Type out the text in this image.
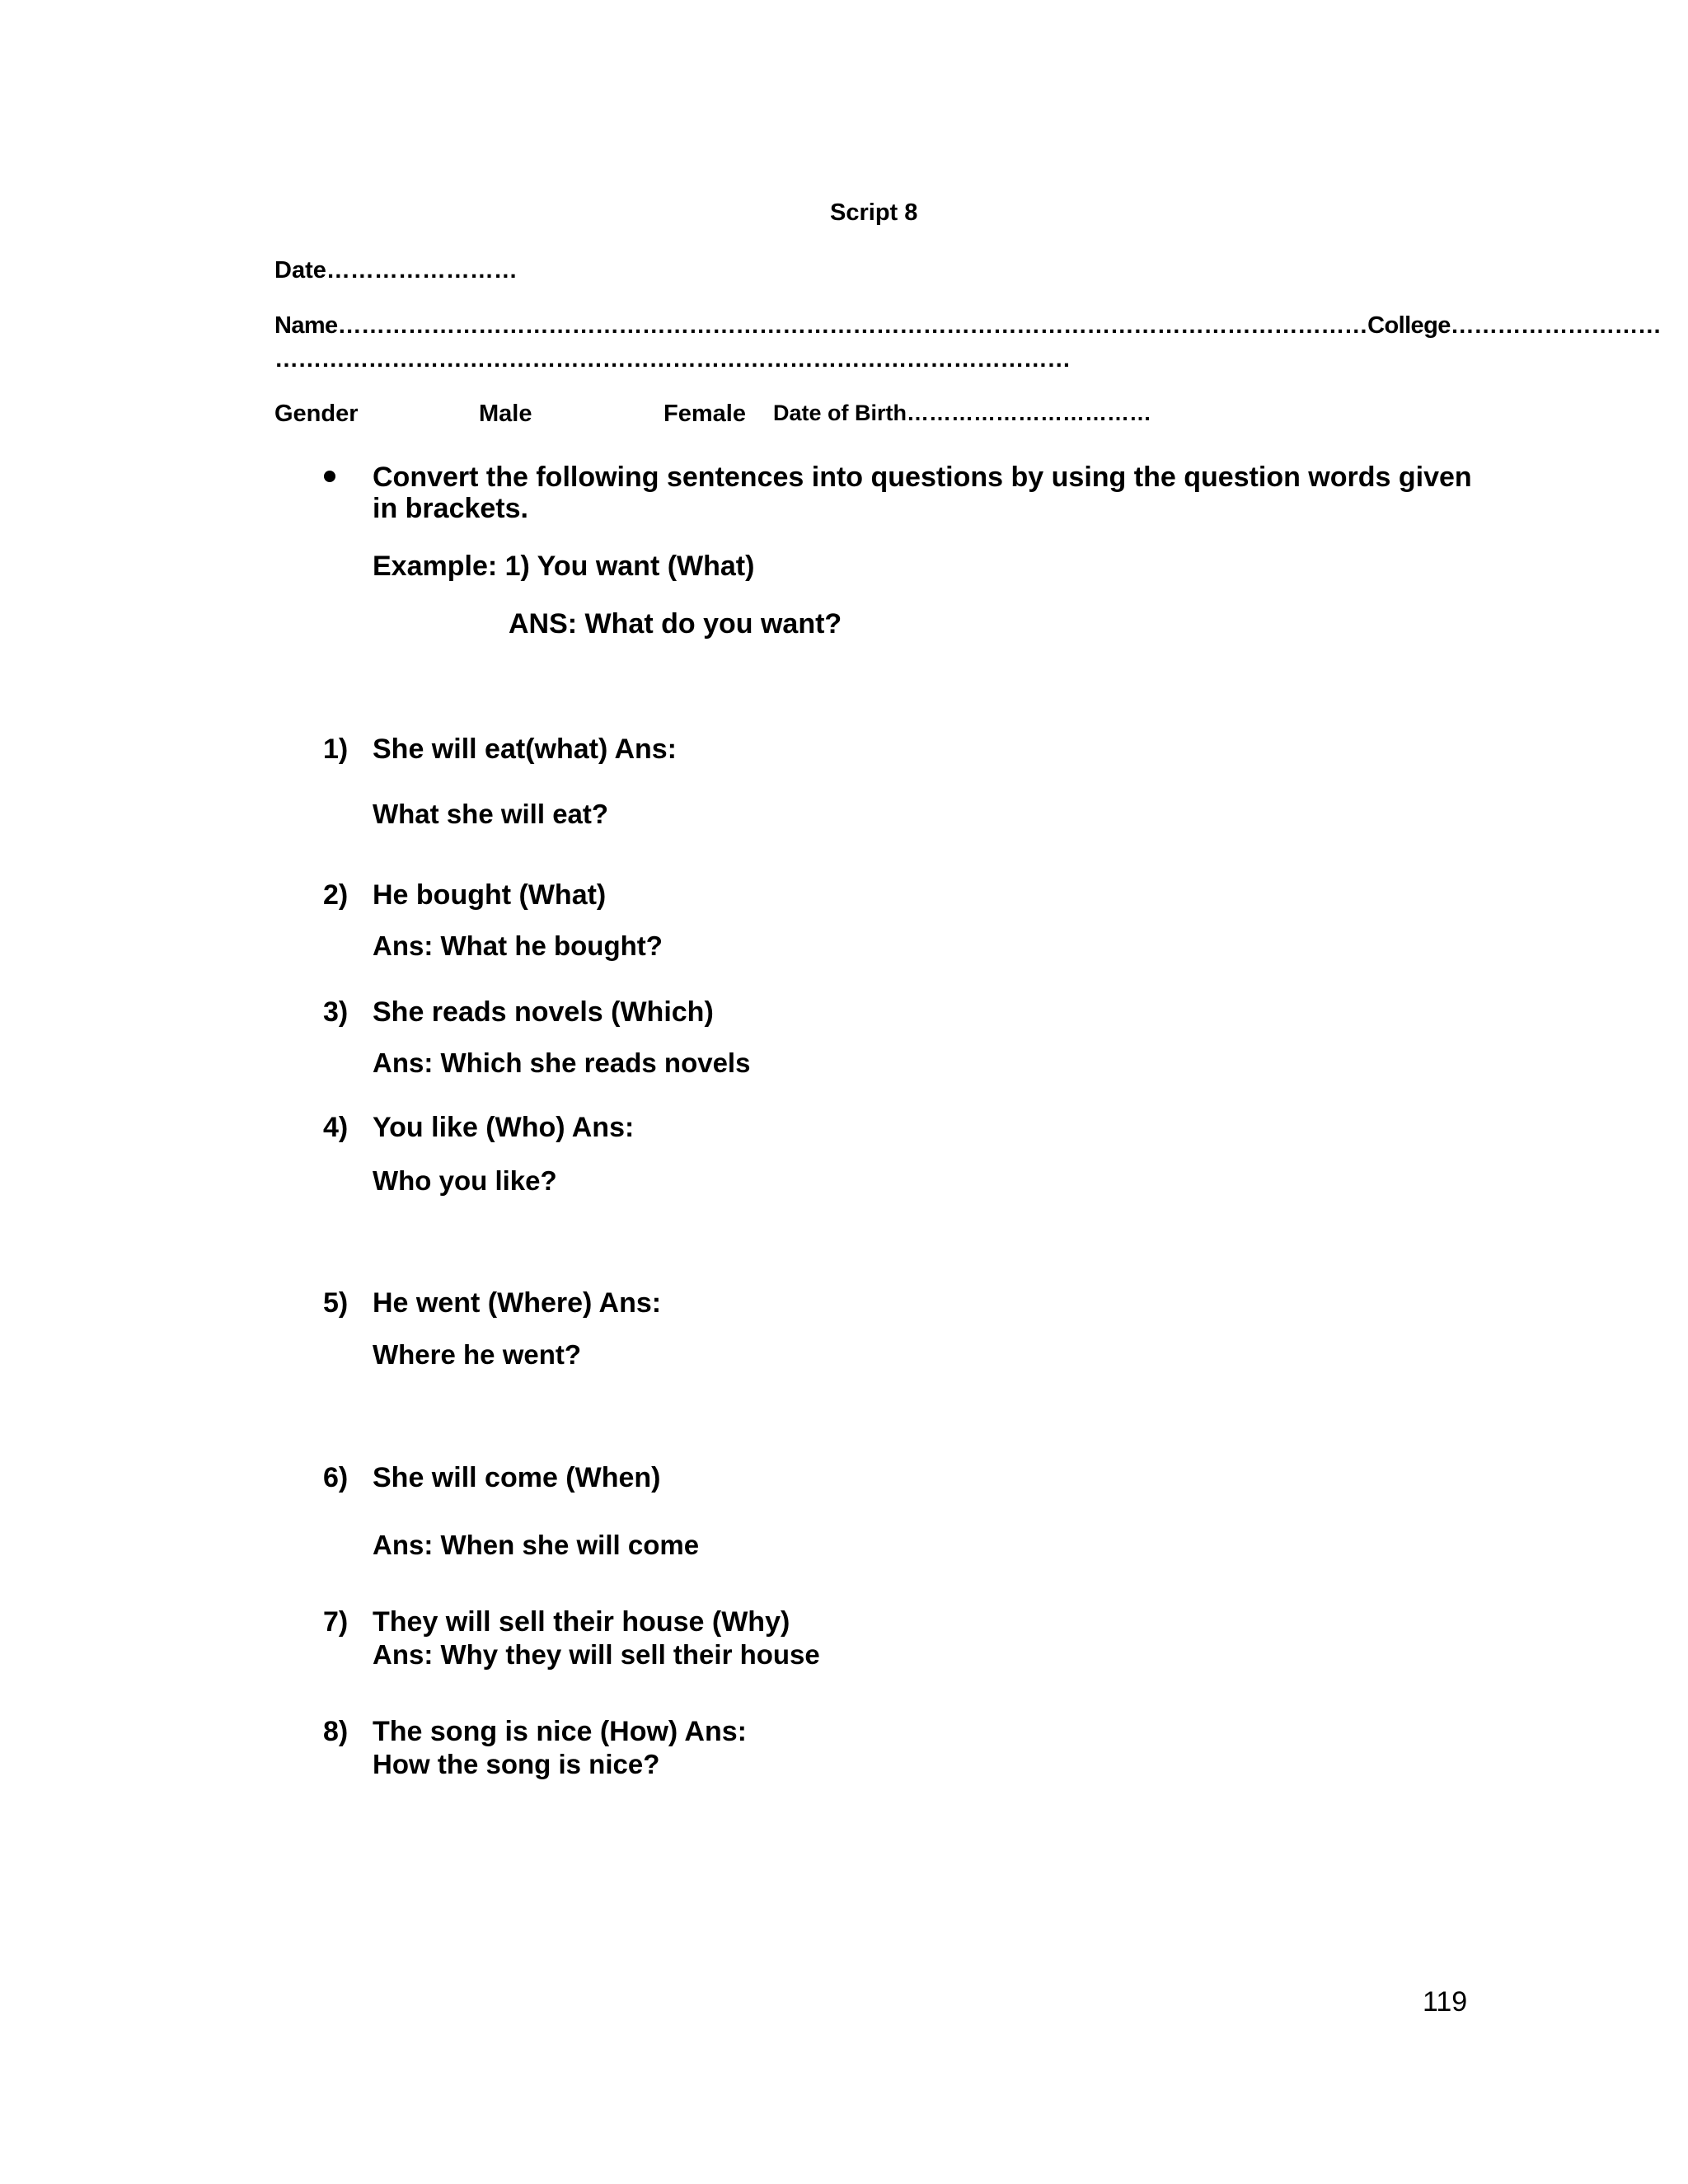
Script 8
Date……………………
Name……………………………………………………………………………………………………………………College………………………
…………………………………………………………………………………………
Gender	Male	Female Date of Birth……………………………
Convert the following sentences into questions by using the question words given
in brackets.
Example: 1) You want (What)
ANS: What do you want?
1) She will eat(what) Ans:
What she will eat?
2) He bought (What)
Ans: What he bought?
3) She reads novels (Which)
Ans: Which she reads novels
4) You like (Who) Ans:
Who you like?
5) He went (Where) Ans:
Where he went?
6) She will come (When)
Ans: When she will come
7) They will sell their house (Why)
Ans: Why they will sell their house
8) The song is nice (How) Ans:
How the song is nice?
119
